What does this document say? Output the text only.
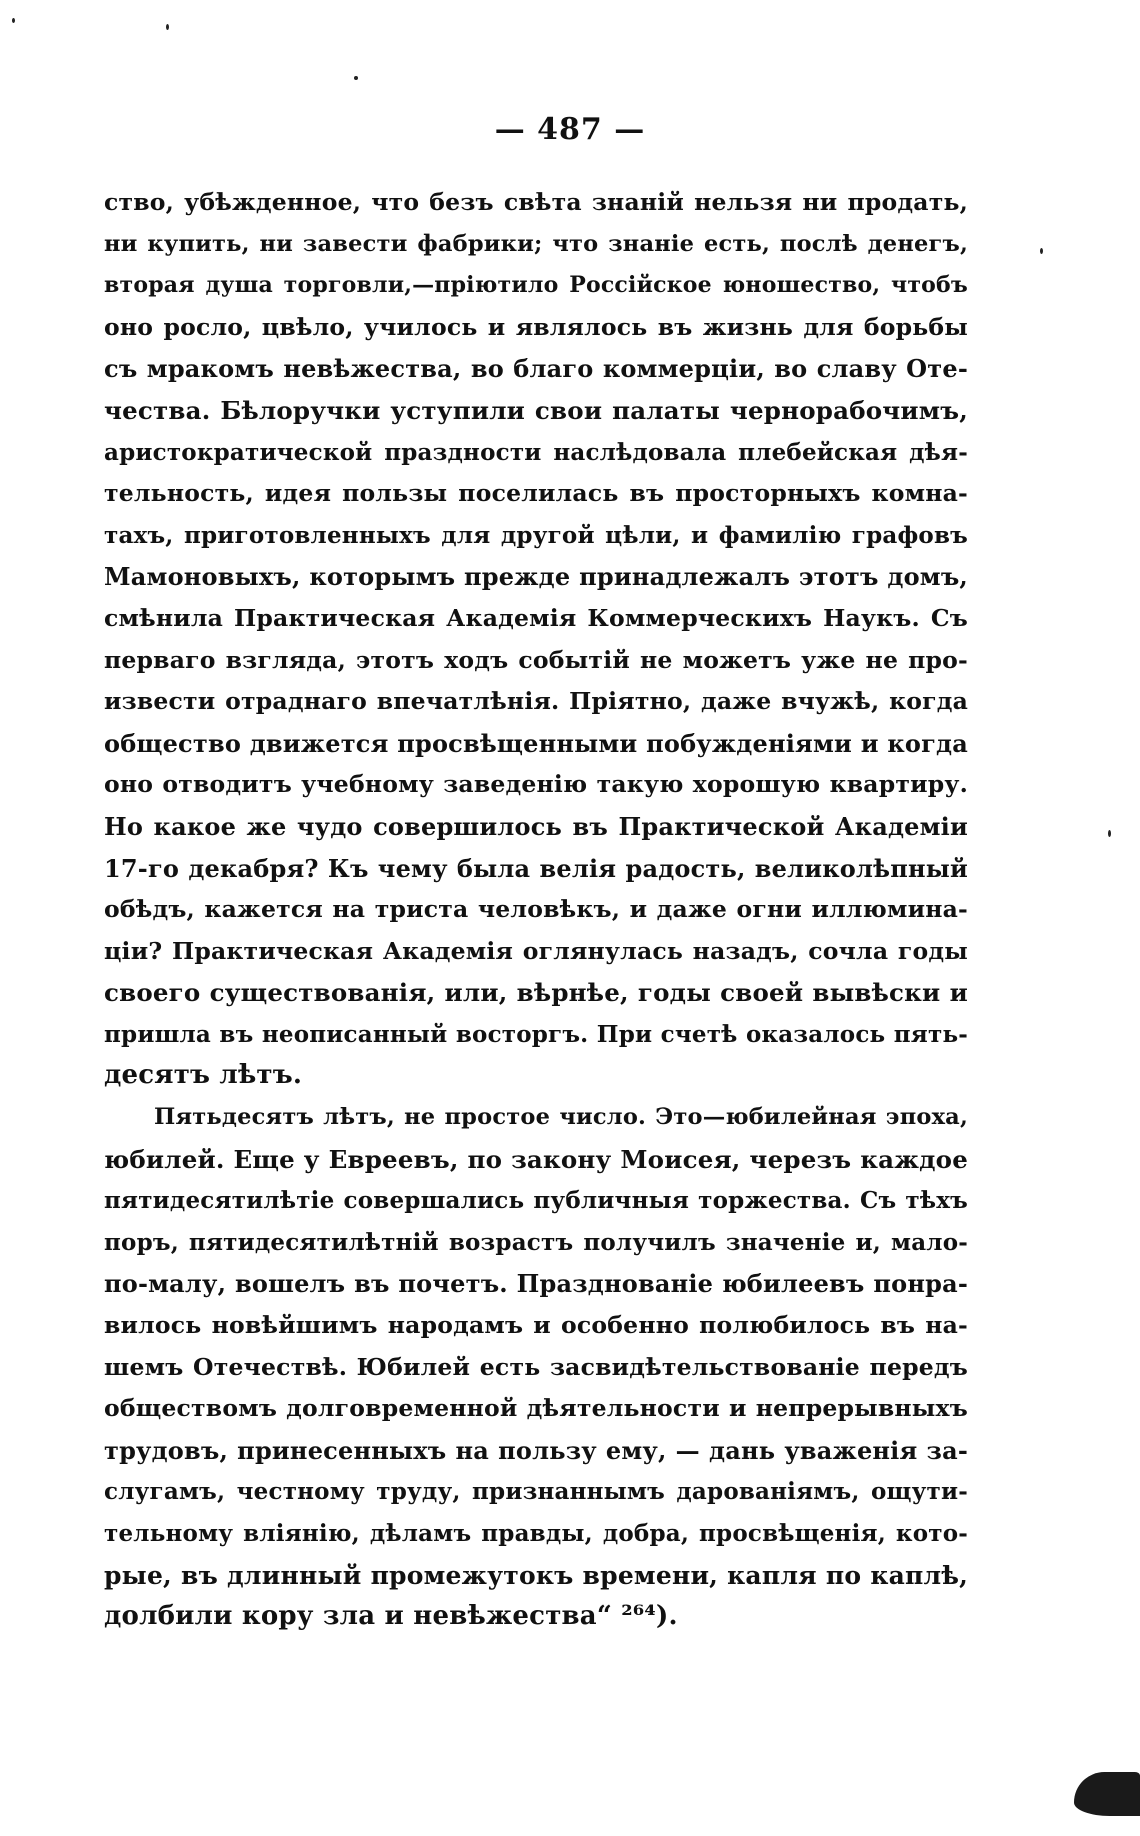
— 487 —
ство, убѣжденное, что безъ свѣта знаній нельзя ни продать,
ни купить, ни завести фабрики; что знаніе есть, послѣ денегъ,
вторая душа торговли,—пріютило Россійское юношество, чтобъ
оно росло, цвѣло, училось и являлось въ жизнь для борьбы
съ мракомъ невѣжества, во благо коммерціи, во славу Оте-
чества. Бѣлоручки уступили свои палаты чернорабочимъ,
аристократической праздности наслѣдовала плебейская дѣя-
тельность, идея пользы поселилась въ просторныхъ комна-
тахъ, приготовленныхъ для другой цѣли, и фамилію графовъ
Мамоновыхъ, которымъ прежде принадлежалъ этотъ домъ,
смѣнила Практическая Академія Коммерческихъ Наукъ. Съ
перваго взгляда, этотъ ходъ событій не можетъ уже не про-
извести отраднаго впечатлѣнія. Пріятно, даже вчужѣ, когда
общество движется просвѣщенными побужденіями и когда
оно отводитъ учебному заведенію такую хорошую квартиру.
Но какое же чудо совершилось въ Практической Академіи
17-го декабря? Къ чему была велія радость, великолѣпный
обѣдъ, кажется на триста человѣкъ, и даже огни иллюмина-
ціи? Практическая Академія оглянулась назадъ, сочла годы
своего существованія, или, вѣрнѣе, годы своей вывѣски и
пришла въ неописанный восторгъ. При счетѣ оказалось пять-
десятъ лѣтъ.
Пятьдесятъ лѣтъ, не простое число. Это—юбилейная эпоха,
юбилей. Еще у Евреевъ, по закону Моисея, черезъ каждое
пятидесятилѣтіе совершались публичныя торжества. Съ тѣхъ
поръ, пятидесятилѣтній возрастъ получилъ значеніе и, мало-
по-малу, вошелъ въ почетъ. Празднованіе юбилеевъ понра-
вилось новѣйшимъ народамъ и особенно полюбилось въ на-
шемъ Отечествѣ. Юбилей есть засвидѣтельствованіе передъ
обществомъ долговременной дѣятельности и непрерывныхъ
трудовъ, принесенныхъ на пользу ему, — дань уваженія за-
слугамъ, честному труду, признаннымъ дарованіямъ, ощути-
тельному вліянію, дѣламъ правды, добра, просвѣщенія, кото-
рые, въ длинный промежутокъ времени, капля по каплѣ,
долбили кору зла и невѣжества“ ²⁶⁴).
